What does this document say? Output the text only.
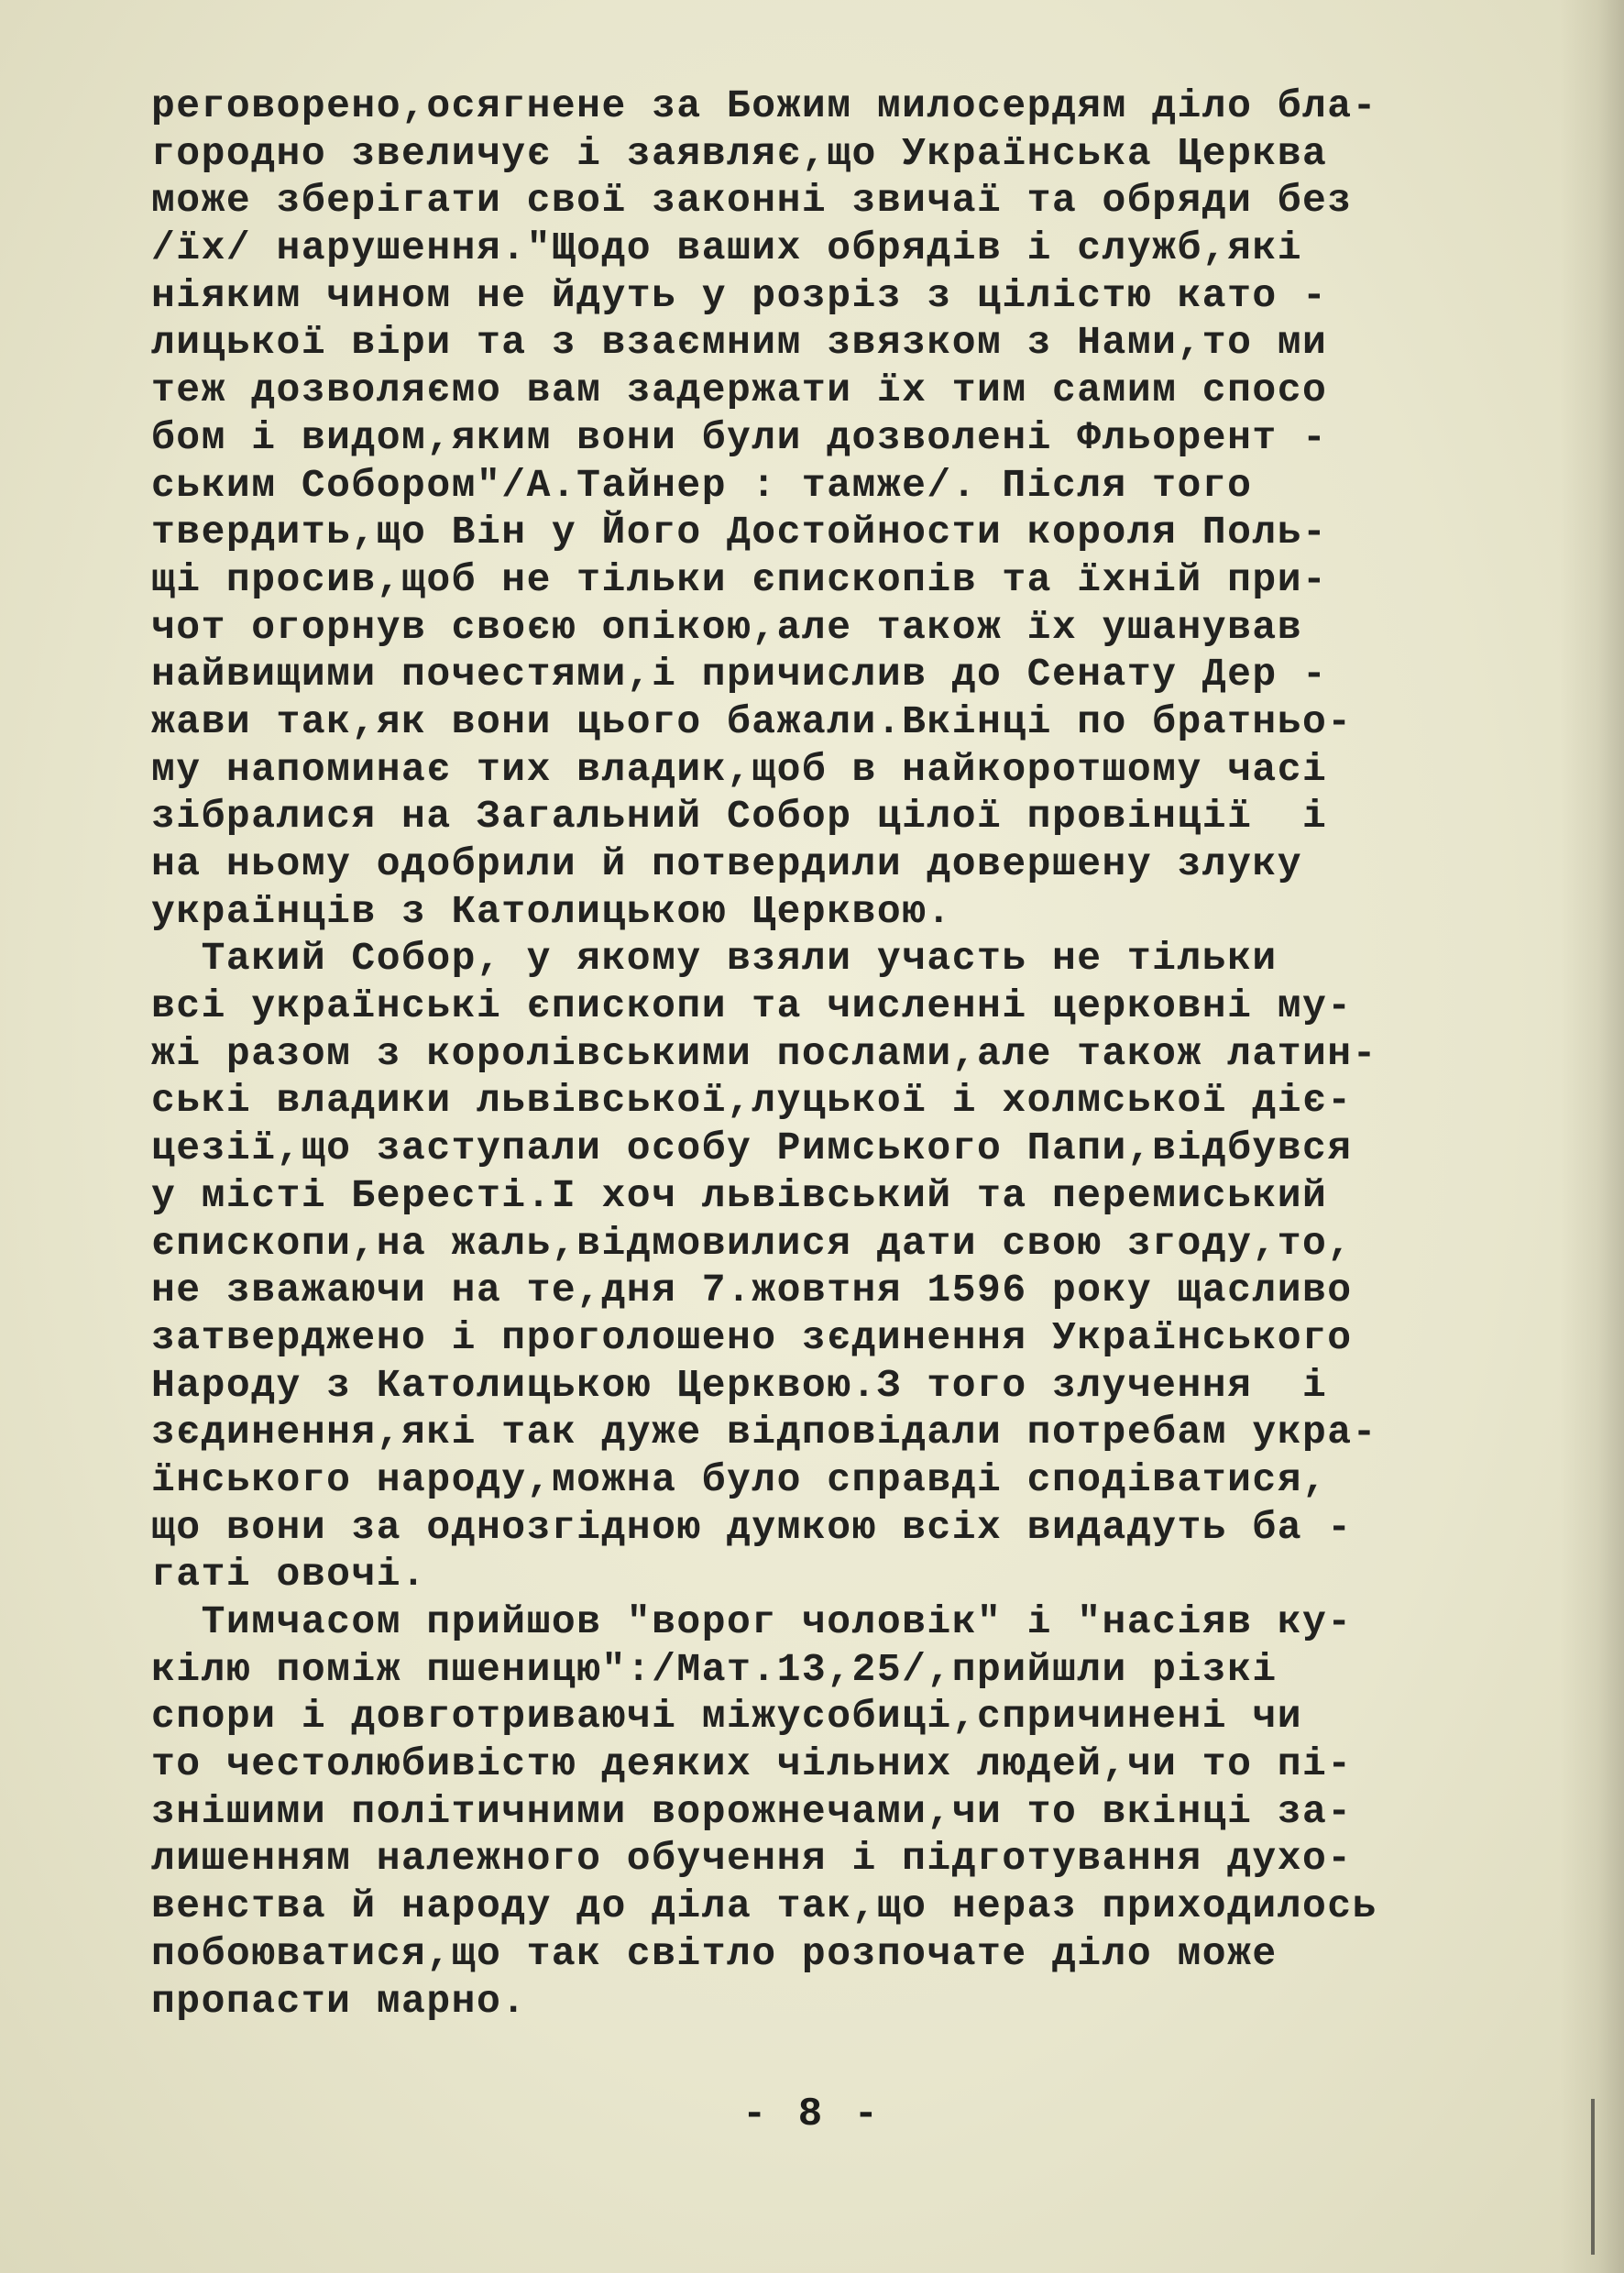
реговорено,осягнене за Божим милосердям діло бла-
городно звеличує і заявляє,що Українська Церква
може зберігати свої законні звичаї та обряди без
/їх/ нарушення."Щодо ваших обрядів і служб,які
ніяким чином не йдуть у розріз з цілістю като -
лицької віри та з взаємним звязком з Нами,то ми
теж дозволяємо вам задержати їх тим самим спосо
бом і видом,яким вони були дозволені Фльорент -
ським Собором"/А.Тайнер : тамже/. Після того
твердить,що Він у Його Достойности короля Поль-
щі просив,щоб не тільки єпископів та їхній при-
чот огорнув своєю опікою,але також їх ушанував
найвищими почестями,і причислив до Сенату Дер -
жави так,як вони цього бажали.Вкінці по братньо-
му напоминає тих владик,щоб в найкоротшому часі
зібралися на Загальний Собор цілої провінції  і
на ньому одобрили й потвердили довершену злуку
українців з Католицькою Церквою.
Такий Собор, у якому взяли участь не тільки
всі українські єпископи та численні церковні му-
жі разом з королівськими послами,але також латин-
ські владики львівської,луцької і холмської діє-
цезії,що заступали особу Римського Папи,відбувся
у місті Бересті.І хоч львівський та перемиський
єпископи,на жаль,відмовилися дати свою згоду,то,
не зважаючи на те,дня 7.жовтня 1596 року щасливо
затверджено і проголошено зєдинення Українського
Народу з Католицькою Церквою.З того злучення  і
зєдинення,які так дуже відповідали потребам укра-
їнського народу,можна було справді сподіватися,
що вони за однозгідною думкою всіх видадуть ба -
гаті овочі.
Тимчасом прийшов "ворог чоловік" і "насіяв ку-
кілю поміж пшеницю":/Мат.13,25/,прийшли різкі
спори і довготриваючі міжусобиці,спричинені чи
то честолюбивістю деяких чільних людей,чи то пі-
знішими політичними ворожнечами,чи то вкінці за-
лишенням належного обучення і підготування духо-
венства й народу до діла так,що нераз приходилось
побоюватися,що так світло розпочате діло може
пропасти марно.
- 8 -
